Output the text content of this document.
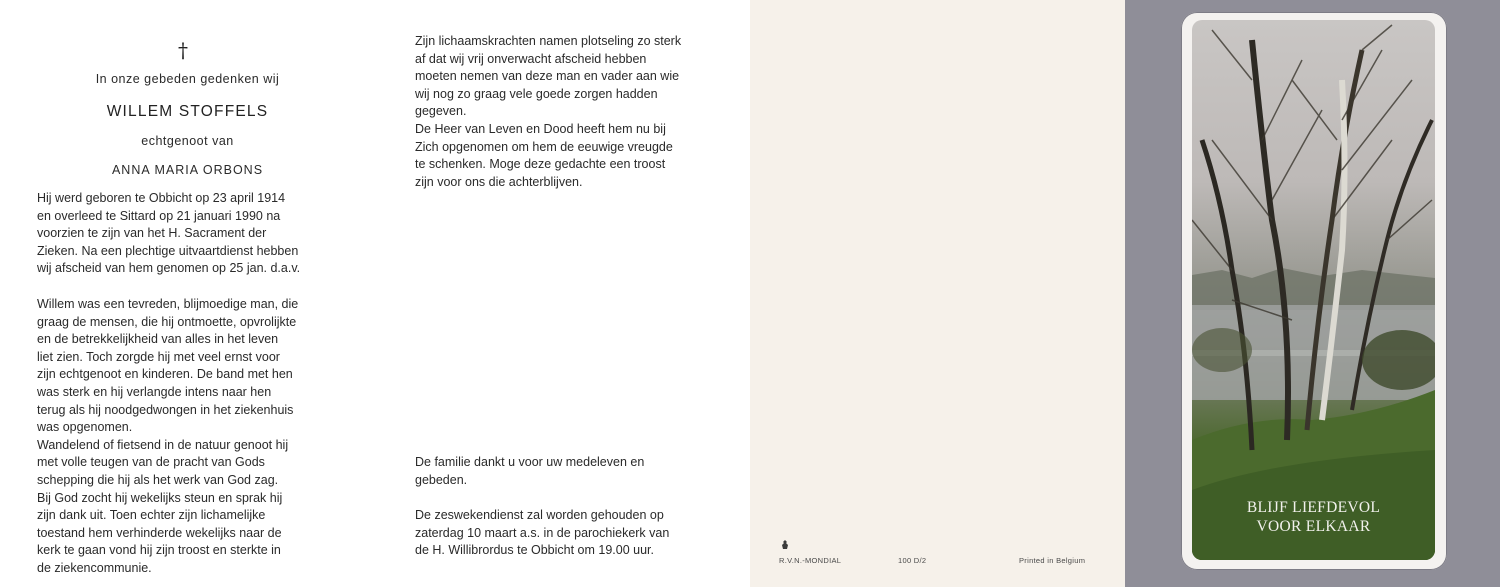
†
In onze gebeden gedenken wij
WILLEM STOFFELS
echtgenoot van
ANNA MARIA ORBONS
Hij werd geboren te Obbicht op 23 april 1914
en overleed te Sittard op 21 januari 1990 na
voorzien te zijn van het H. Sacrament der
Zieken. Na een plechtige uitvaartdienst hebben
wij afscheid van hem genomen op 25 jan. d.a.v.
Willem was een tevreden, blijmoedige man, die
graag de mensen, die hij ontmoette, opvrolijkte
en de betrekkelijkheid van alles in het leven
liet zien. Toch zorgde hij met veel ernst voor
zijn echtgenoot en kinderen. De band met hen
was sterk en hij verlangde intens naar hen
terug als hij noodgedwongen in het ziekenhuis
was opgenomen.
Wandelend of fietsend in de natuur genoot hij
met volle teugen van de pracht van Gods
schepping die hij als het werk van God zag.
Bij God zocht hij wekelijks steun en sprak hij
zijn dank uit. Toen echter zijn lichamelijke
toestand hem verhinderde wekelijks naar de
kerk te gaan vond hij zijn troost en sterkte in
de ziekencommunie.
Zijn lichaamskrachten namen plotseling zo sterk
af dat wij vrij onverwacht afscheid hebben
moeten nemen van deze man en vader aan wie
wij nog zo graag vele goede zorgen hadden
gegeven.
De Heer van Leven en Dood heeft hem nu bij
Zich opgenomen om hem de eeuwige vreugde
te schenken. Moge deze gedachte een troost
zijn voor ons die achterblijven.
De familie dankt u voor uw medeleven en
gebeden.
De zeswekendienst zal worden gehouden op
zaterdag 10 maart a.s. in de parochiekerk van
de H. Willibrordus te Obbicht om 19.00 uur.
R.V.N.-MONDIAL	100 D/2	Printed in Belgium
BLIJF LIEFDEVOL
VOOR ELKAAR
